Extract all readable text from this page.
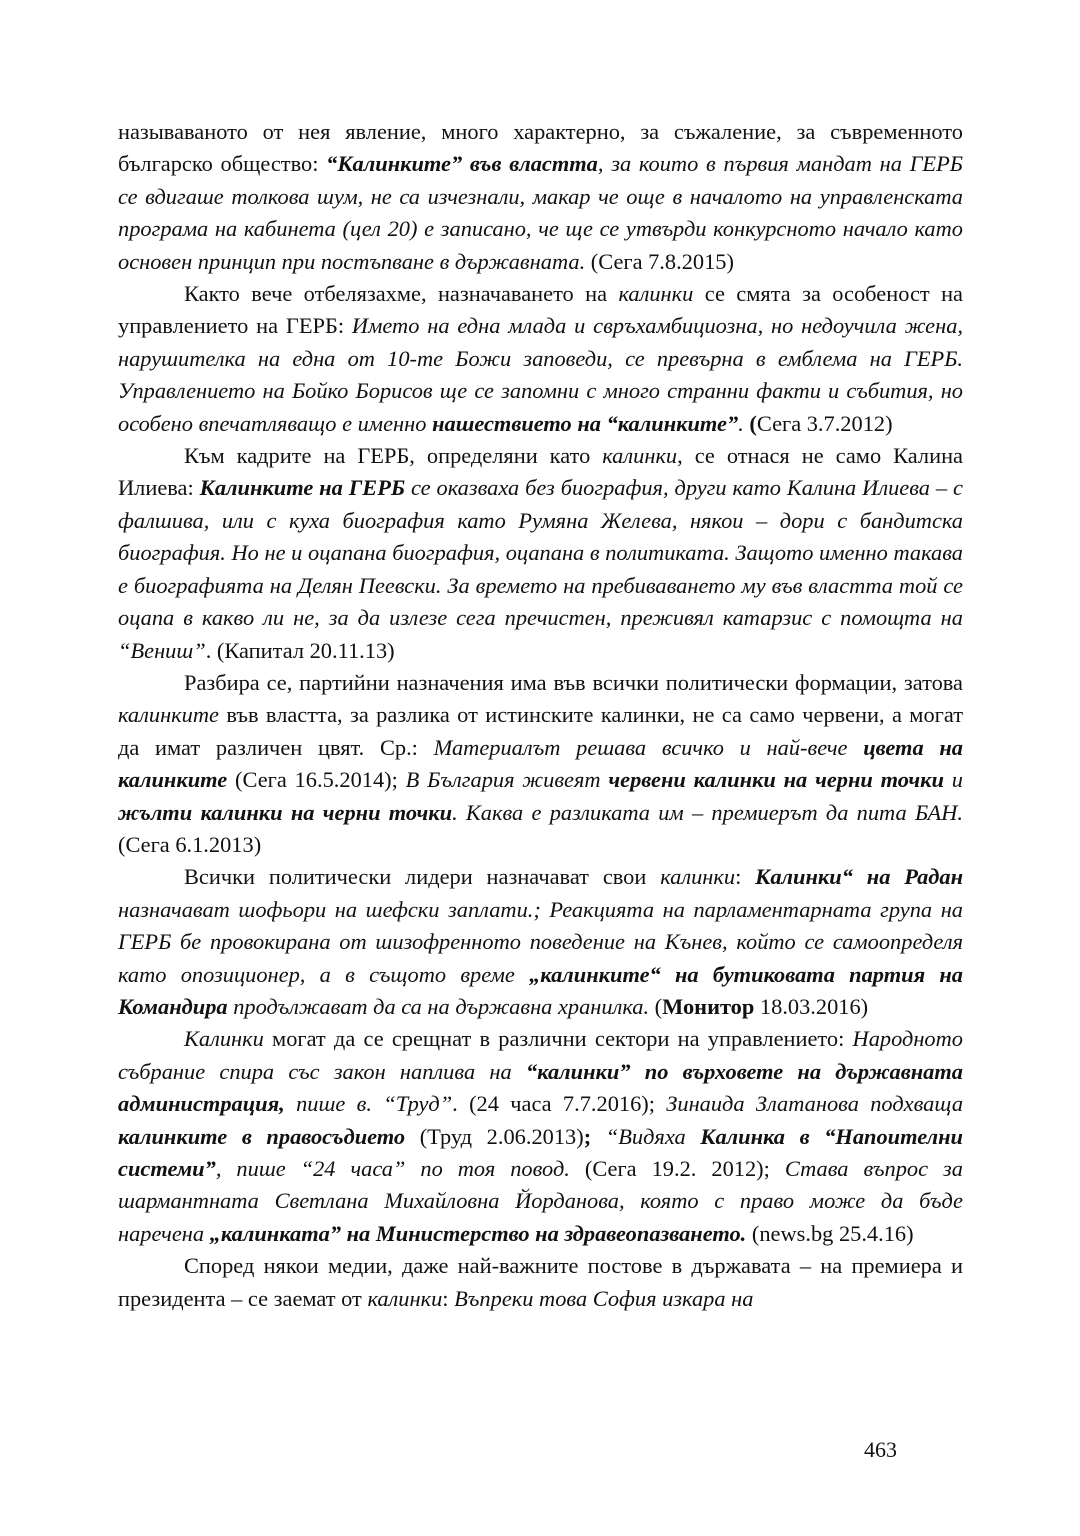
называваното от нея явление, много характерно, за съжаление, за съвременното българско общество: “Калинките” във властта, за които в първия мандат на ГЕРБ се вдигаше толкова шум, не са изчезнали, макар че още в началото на управленската програма на кабинета (цел 20) е записано, че ще се утвърди конкурсното начало като основен принцип при постъпване в държавната. (Сега 7.8.2015)

Както вече отбелязахме, назначаването на калинки се смята за особеност на управлението на ГЕРБ: Името на една млада и свръхамбициозна, но недоучила жена, нарушителка на една от 10-те Божи заповеди, се превърна в емблема на ГЕРБ. Управлението на Бойко Борисов ще се запомни с много странни факти и събития, но особено впечатляващо е именно нашествието на “калинките”. (Сега 3.7.2012)

Към кадрите на ГЕРБ, определяни като калинки, се отнася не само Калина Илиева: Калинките на ГЕРБ се оказваха без биография, други като Калина Илиева – с фалшива, или с куха биография като Румяна Желева, някои – дори с бандитска биография. Но не и оцапана биография, оцапана в политиката. Защото именно такава е биографията на Делян Пеевски. За времето на пребиваването му във властта той се оцапа в какво ли не, за да излезе сега пречистен, преживял катарзис с помощта на “Вениш”. (Капитал 20.11.13)

Разбира се, партийни назначения има във всички политически формации, затова калинките във властта, за разлика от истинските калинки, не са само червени, а могат да имат различен цвят. Ср.: Материалът решава всичко и най-вече цвета на калинките (Сега 16.5.2014); В България живеят червени калинки на черни точки и жълти калинки на черни точки. Каква е разликата им – премиерът да пита БАН. (Сега 6.1.2013)

Всички политически лидери назначават свои калинки: Калинки“ на Радан назначават шофьори на шефски заплати.; Реакцията на парламентарната група на ГЕРБ бе провокирана от шизофренното поведение на Кънев, който се самоопределя като опозиционер, а в същото време „калинките“ на бутиковата партия на Командира продължават да са на държавна хранилка. (Монитор 18.03.2016)

Калинки могат да се срещнат в различни сектори на управлението: Народното събрание спира със закон наплива на “калинки” по върховете на държавната администрация, пише в. “Труд”. (24 часа 7.7.2016); Зинаида Златанова подхваща калинките в правосъдието (Труд 2.06.2013); “Видяха Калинка в “Напоителни системи”, пише “24 часа” по тоя повод. (Сега 19.2. 2012); Става въпрос за шармантната Светлана Михайловна Йорданова, която с право може да бъде наречена „калинката” на Министерство на здравеопазването. (news.bg 25.4.16)

Според някои медии, даже най-важните постове в държавата – на премиера и президента – се заемат от калинки: Въпреки това София изкара на

463
